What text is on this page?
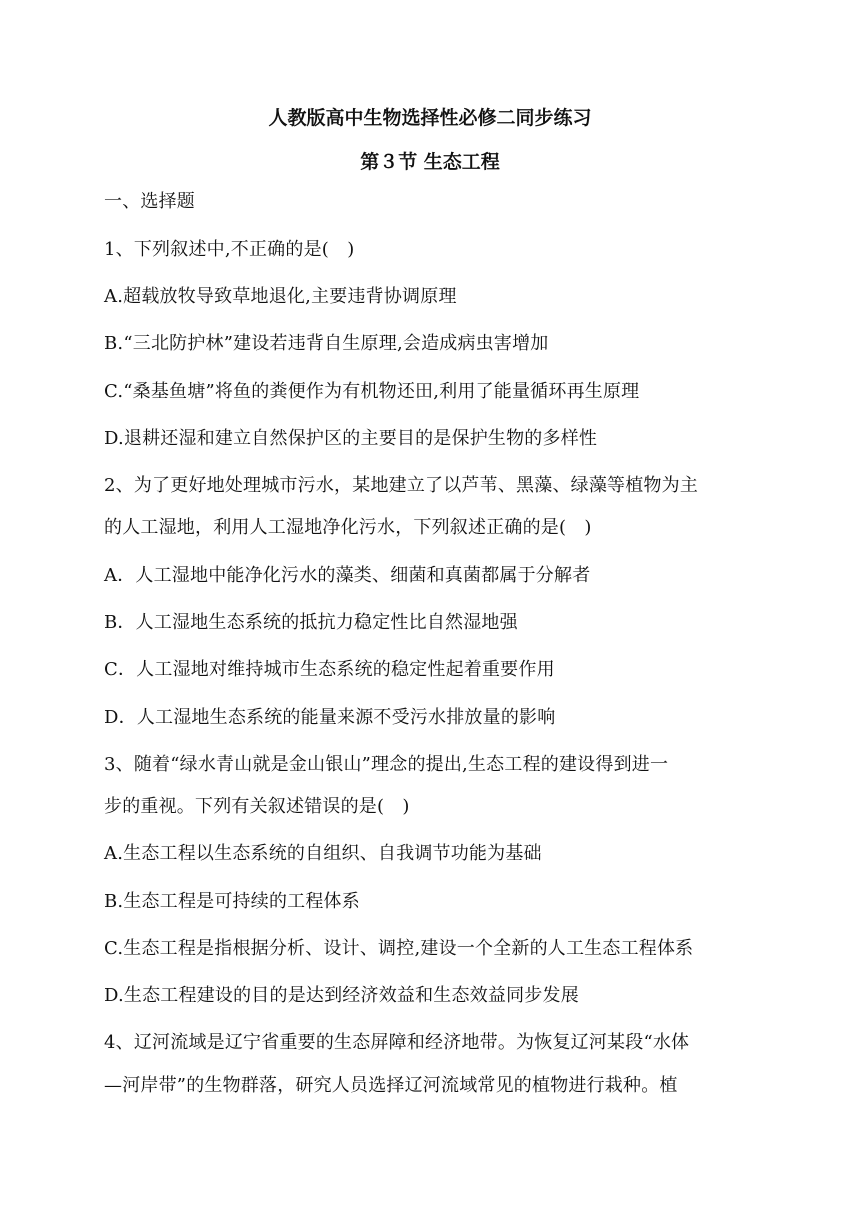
人教版高中生物选择性必修二同步练习
第３节 生态工程
一、选择题
1、下列叙述中,不正确的是(　)
A.超载放牧导致草地退化,主要违背协调原理
B.“三北防护林”建设若违背自生原理,会造成病虫害增加
C.“桑基鱼塘”将鱼的粪便作为有机物还田,利用了能量循环再生原理
D.退耕还湿和建立自然保护区的主要目的是保护生物的多样性
2、为了更好地处理城市污水，某地建立了以芦苇、黑藻、绿藻等植物为主
的人工湿地，利用人工湿地净化污水，下列叙述正确的是(　)
A．人工湿地中能净化污水的藻类、细菌和真菌都属于分解者
B．人工湿地生态系统的抵抗力稳定性比自然湿地强
C．人工湿地对维持城市生态系统的稳定性起着重要作用
D．人工湿地生态系统的能量来源不受污水排放量的影响
3、随着“绿水青山就是金山银山”理念的提出,生态工程的建设得到进一
步的重视。下列有关叙述错误的是(　)
A.生态工程以生态系统的自组织、自我调节功能为基础
B.生态工程是可持续的工程体系
C.生态工程是指根据分析、设计、调控,建设一个全新的人工生态工程体系
D.生态工程建设的目的是达到经济效益和生态效益同步发展
4、辽河流域是辽宁省重要的生态屏障和经济地带。为恢复辽河某段“水体
—河岸带”的生物群落，研究人员选择辽河流域常见的植物进行栽种。植
